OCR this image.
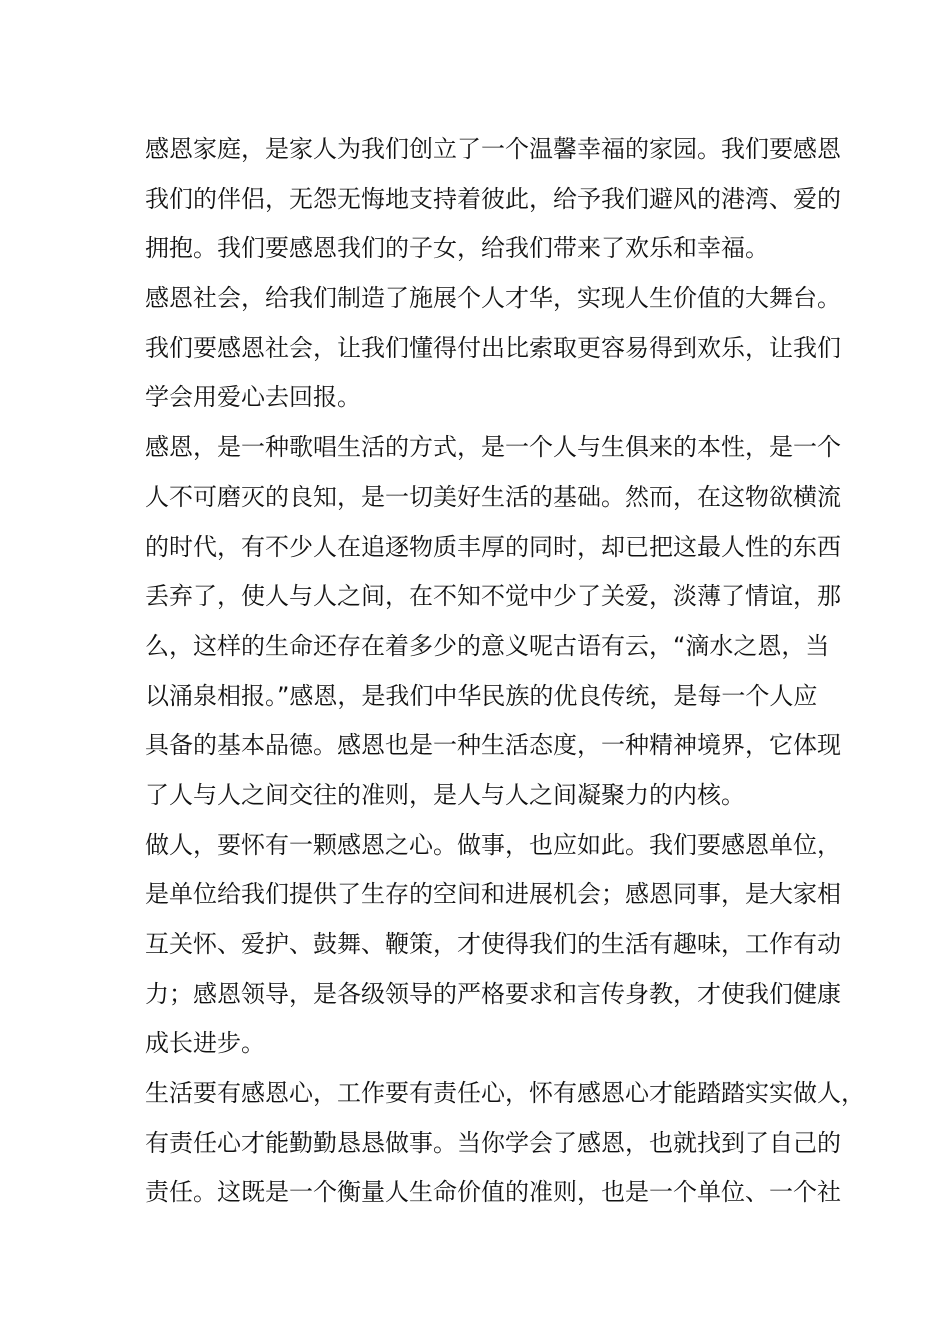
感恩家庭，是家人为我们创立了一个温馨幸福的家园。我们要感恩
我们的伴侣，无怨无悔地支持着彼此，给予我们避风的港湾、爱的
拥抱。我们要感恩我们的子女，给我们带来了欢乐和幸福。
感恩社会，给我们制造了施展个人才华，实现人生价值的大舞台。
我们要感恩社会，让我们懂得付出比索取更容易得到欢乐，让我们
学会用爱心去回报。
感恩，是一种歌唱生活的方式，是一个人与生俱来的本性，是一个
人不可磨灭的良知，是一切美好生活的基础。然而，在这物欲横流
的时代，有不少人在追逐物质丰厚的同时，却已把这最人性的东西
丢弃了，使人与人之间，在不知不觉中少了关爱，淡薄了情谊，那
么，这样的生命还存在着多少的意义呢古语有云，“滴水之恩，当
以涌泉相报。”感恩，是我们中华民族的优良传统，是每一个人应
具备的基本品德。感恩也是一种生活态度，一种精神境界，它体现
了人与人之间交往的准则，是人与人之间凝聚力的内核。
做人，要怀有一颗感恩之心。做事，也应如此。我们要感恩单位，
是单位给我们提供了生存的空间和进展机会；感恩同事，是大家相
互关怀、爱护、鼓舞、鞭策，才使得我们的生活有趣味，工作有动
力；感恩领导，是各级领导的严格要求和言传身教，才使我们健康
成长进步。
生活要有感恩心，工作要有责任心，怀有感恩心才能踏踏实实做人，
有责任心才能勤勤恳恳做事。当你学会了感恩，也就找到了自己的
责任。这既是一个衡量人生命价值的准则，也是一个单位、一个社
